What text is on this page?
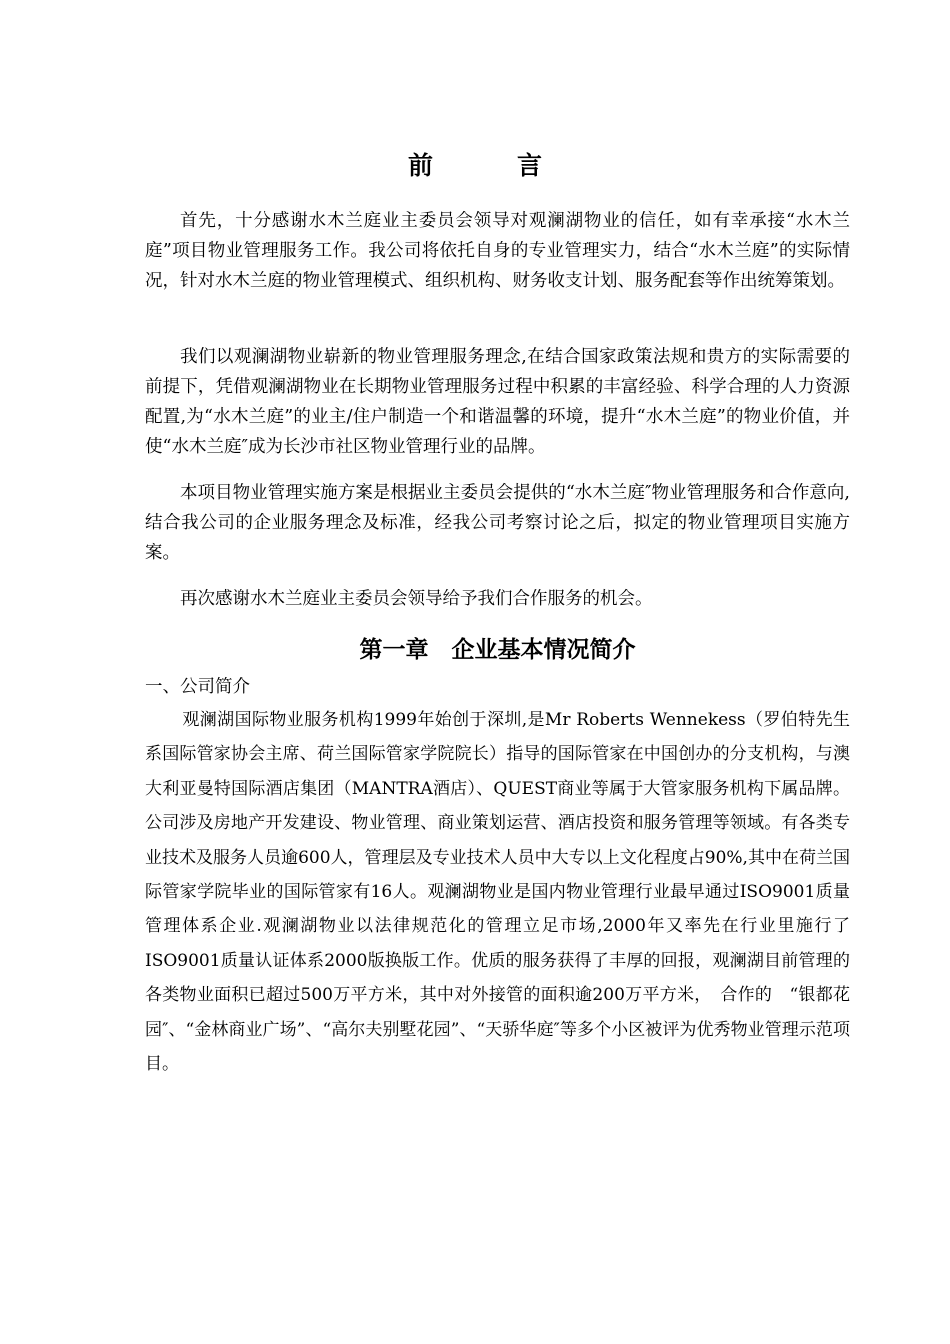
前	言

首先，十分感谢水木兰庭业主委员会领导对观澜湖物业的信任，如有幸承接“水木兰庭”项目物业管理服务工作。我公司将依托自身的专业管理实力，结合“水木兰庭”的实际情况，针对水木兰庭的物业管理模式、组织机构、财务收支计划、服务配套等作出统筹策划。

我们以观澜湖物业崭新的物业管理服务理念,在结合国家政策法规和贵方的实际需要的前提下，凭借观澜湖物业在长期物业管理服务过程中积累的丰富经验、科学合理的人力资源配置,为“水木兰庭”的业主/住户制造一个和谐温馨的环境，提升“水木兰庭”的物业价值，并使“水木兰庭″成为长沙市社区物业管理行业的品牌。

本项目物业管理实施方案是根据业主委员会提供的“水木兰庭″物业管理服务和合作意向,结合我公司的企业服务理念及标准，经我公司考察讨论之后，拟定的物业管理项目实施方案。

再次感谢水木兰庭业主委员会领导给予我们合作服务的机会。

第一章　企业基本情况简介
一、公司简介

观澜湖国际物业服务机构1999年始创于深圳,是Mr Roberts Wennekess（罗伯特先生系国际管家协会主席、荷兰国际管家学院院长）指导的国际管家在中国创办的分支机构，与澳大利亚曼特国际酒店集团（MANTRA酒店）、QUEST商业等属于大管家服务机构下属品牌。公司涉及房地产开发建设、物业管理、商业策划运营、酒店投资和服务管理等领域。有各类专业技术及服务人员逾600人，管理层及专业技术人员中大专以上文化程度占90%,其中在荷兰国际管家学院毕业的国际管家有16人。观澜湖物业是国内物业管理行业最早通过ISO9001质量管理体系企业.观澜湖物业以法律规范化的管理立足市场,2000年又率先在行业里施行了ISO9001质量认证体系2000版换版工作。优质的服务获得了丰厚的回报，观澜湖目前管理的各类物业面积已超过500万平方米，其中对外接管的面积逾200万平方米，　合作的　“银都花园″、“金林商业广场”、“高尔夫别墅花园”、“天骄华庭″等多个小区被评为优秀物业管理示范项目。
